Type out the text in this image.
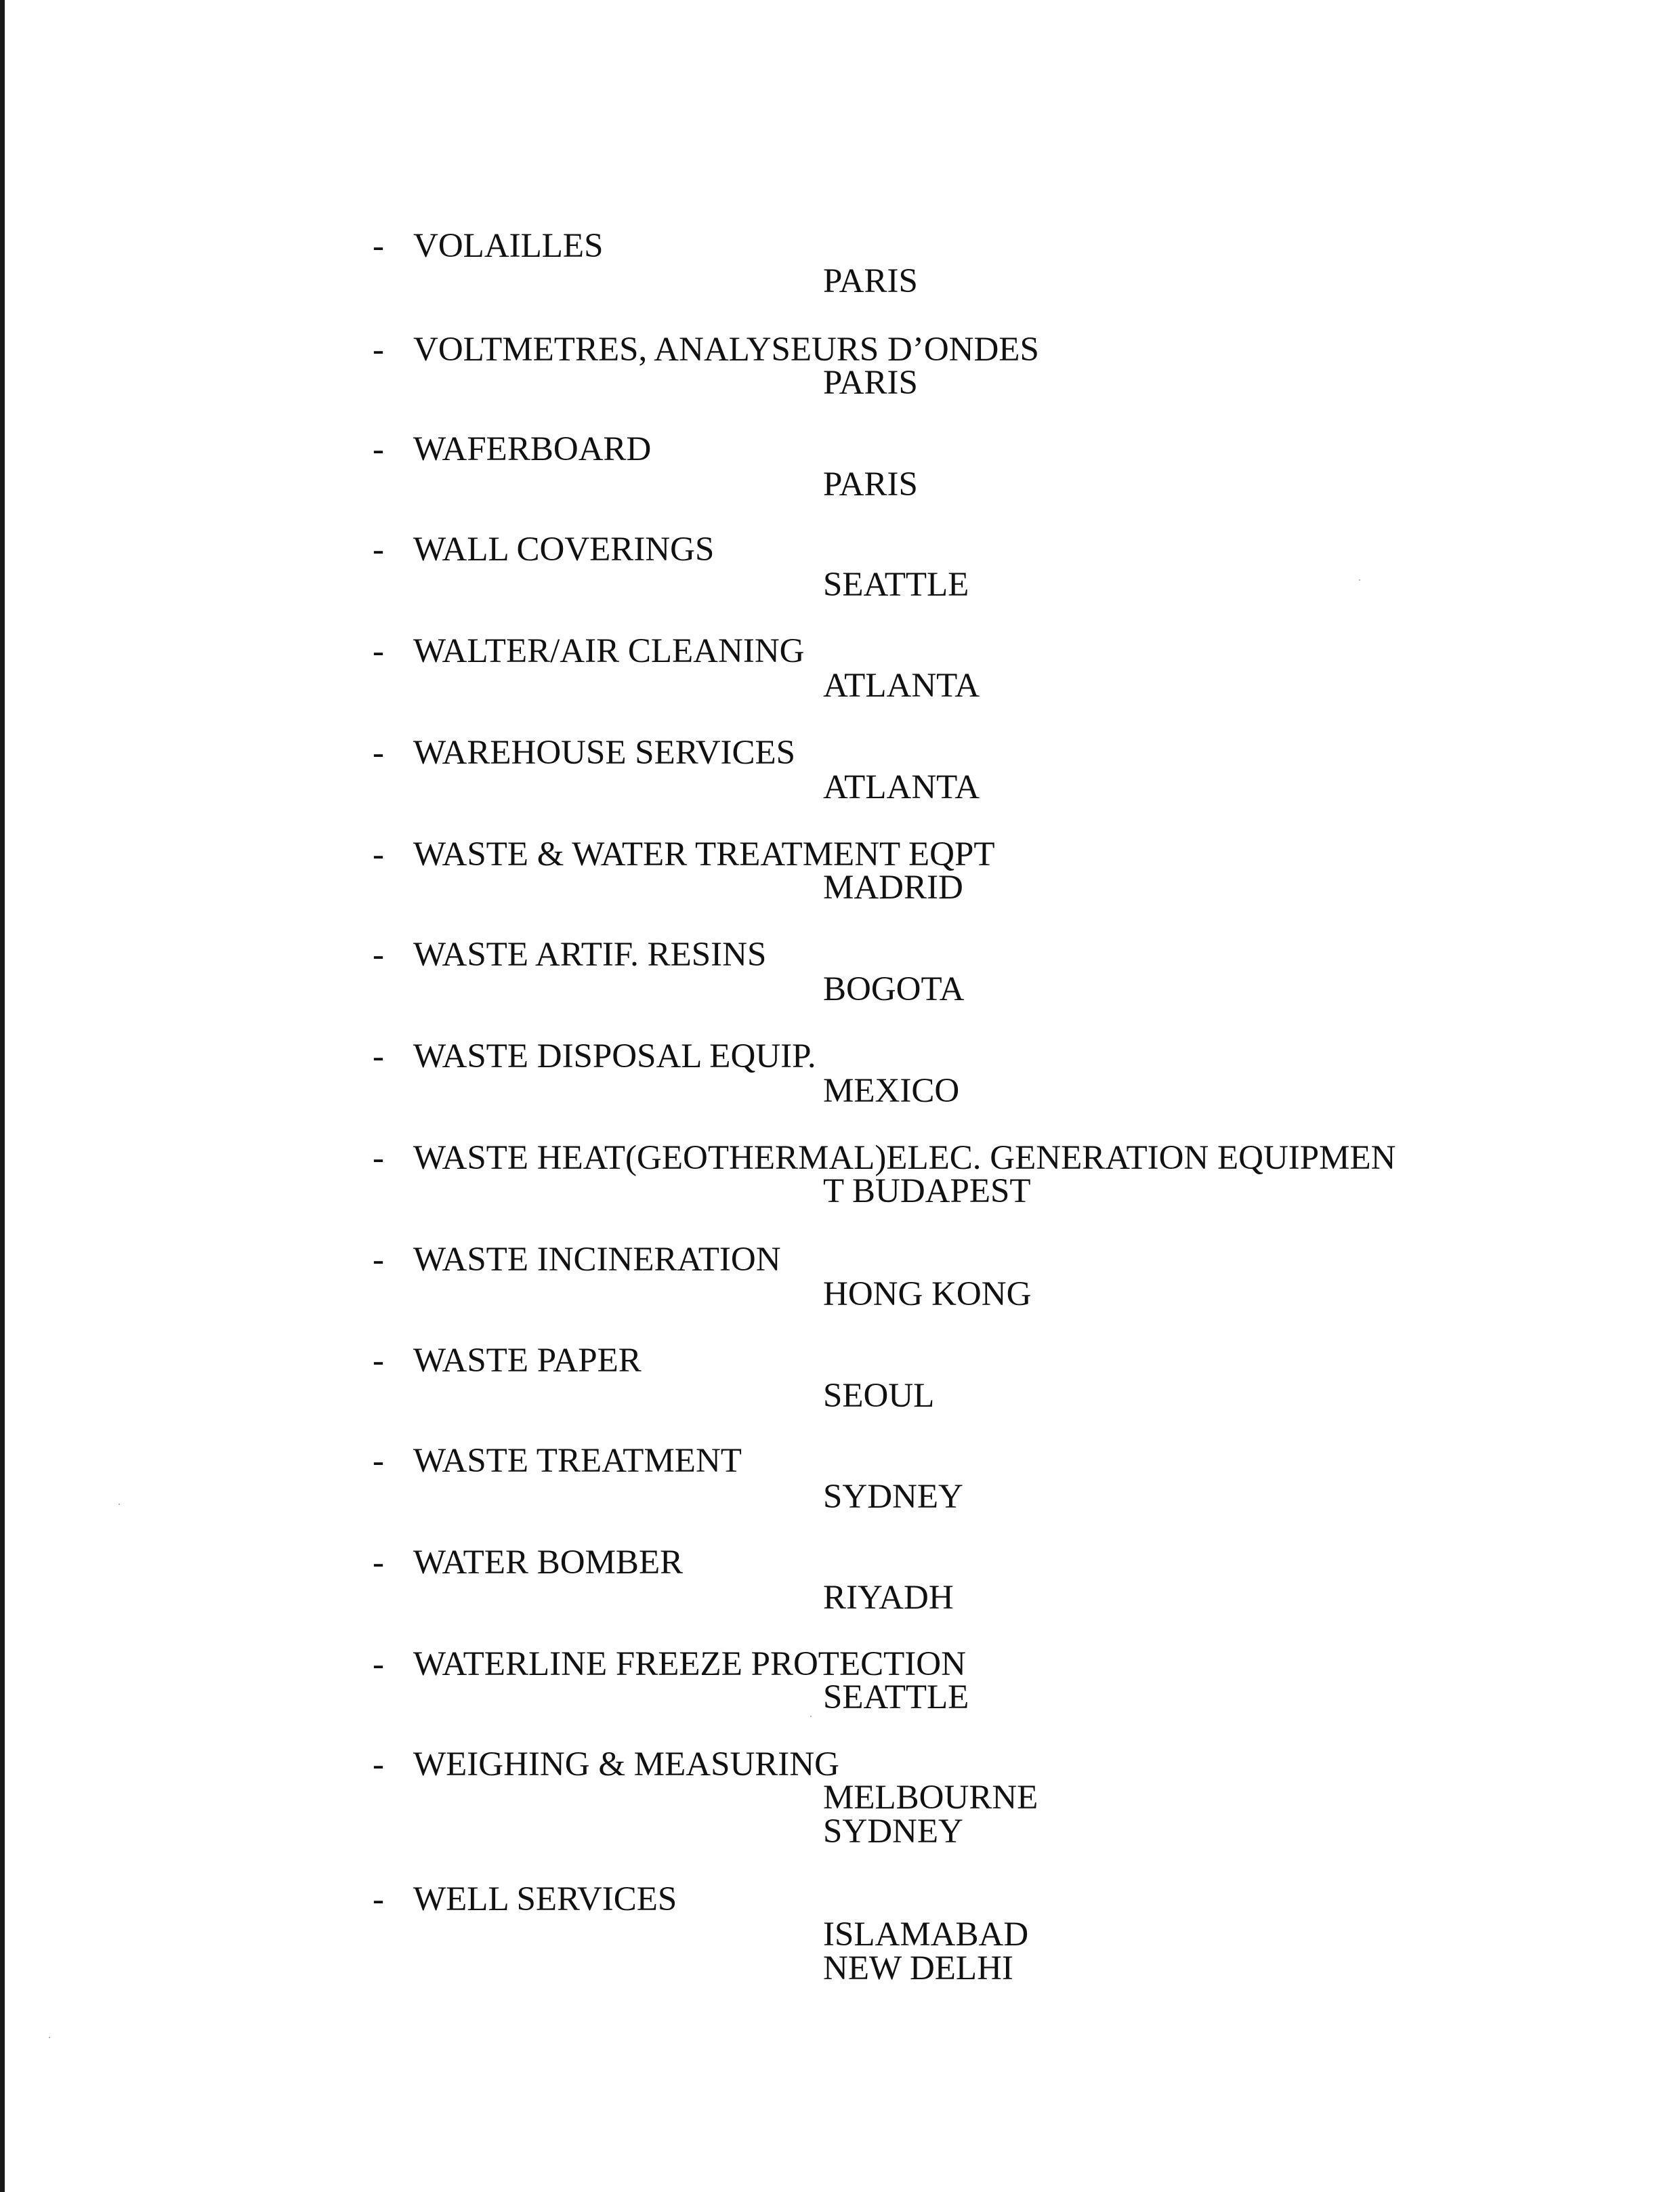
- VOLAILLES
PARIS
- VOLTMETRES, ANALYSEURS D’ONDES
PARIS
- WAFERBOARD
PARIS
- WALL COVERINGS
SEATTLE
- WALTER/AIR CLEANING
ATLANTA
- WAREHOUSE SERVICES
ATLANTA
- WASTE & WATER TREATMENT EQPT
MADRID
- WASTE ARTIF. RESINS
BOGOTA
- WASTE DISPOSAL EQUIP.
MEXICO
- WASTE HEAT(GEOTHERMAL)ELEC. GENERATION EQUIPMEN
T BUDAPEST
- WASTE INCINERATION
HONG KONG
- WASTE PAPER
SEOUL
- WASTE TREATMENT
SYDNEY
- WATER BOMBER
RIYADH
- WATERLINE FREEZE PROTECTION
SEATTLE
- WEIGHING & MEASURING
MELBOURNE
SYDNEY
- WELL SERVICES
ISLAMABAD
NEW DELHI
